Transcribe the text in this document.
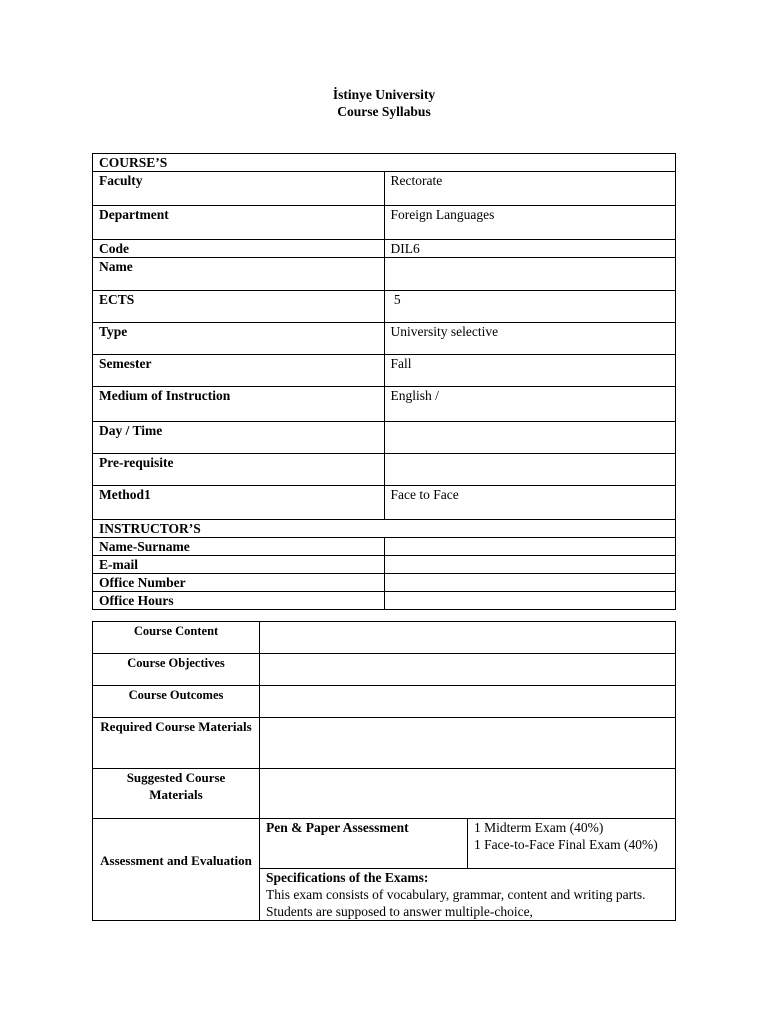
İstinye University
Course Syllabus
COURSE’S	
Faculty	Rectorate
Department	Foreign Languages
Code	DIL6
Name	
ECTS	5
Type	University selective
Semester	Fall
Medium of Instruction	English /
Day / Time	
Pre-requisite	
Method1	Face to Face
INSTRUCTOR’S	
Name-Surname	
E-mail	
Office Number	
Office Hours	
Course Content		
Course Objectives		
Course Outcomes		
Required Course Materials		
Suggested Course Materials		
Assessment and Evaluation	Pen & Paper Assessment	1 Midterm Exam (40%)
1 Face-to-Face Final Exam (40%)

	Specifications of the Exams:
This exam consists of vocabulary, grammar, content and writing parts. Students are supposed to answer multiple-choice,	
